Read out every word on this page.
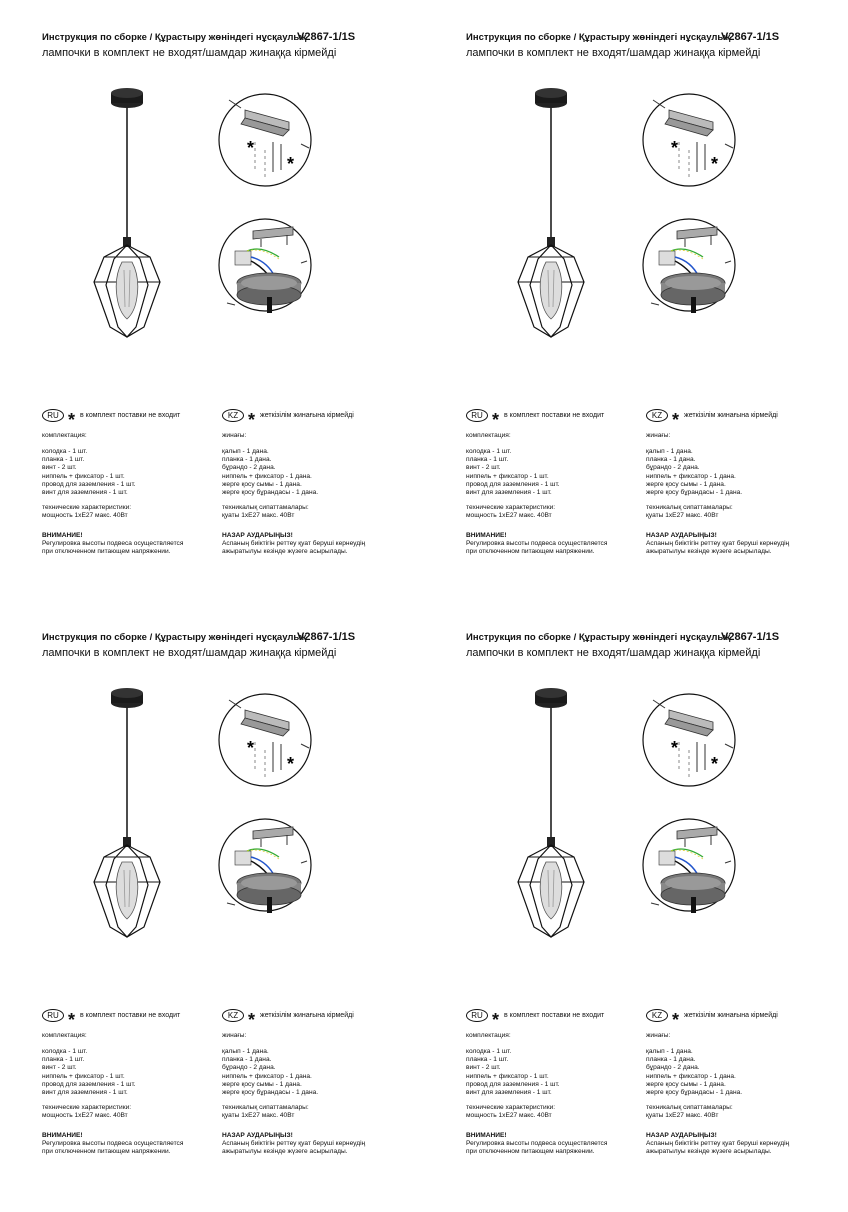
Инструкция по сборке / Құрастыру жөніндегі нұсқаулық
V2867-1/1S
лампочки в комплект не входят/шамдар жинаққа кірмейді
*
*
RU * в комплект поставки не входит
комплектация:
колодка - 1 шт.
планка - 1 шт.
винт - 2 шт.
ниппель + фиксатор - 1 шт.
провод для заземления - 1 шт.
винт для заземления - 1 шт.
технические характеристики:
мощность 1хЕ27 макс. 40Вт
ВНИМАНИЕ!
Регулировка высоты подвеса осуществляется
при отключенном питающем напряжении.
KZ * жеткізілім жинағына кірмейді
жинағы:
қалып - 1 дана.
планка - 1 дана.
бұрандо - 2 дана.
ниппель + фиксатор - 1 дана.
жерге қосу сымы - 1 дана.
жерге қосу бұрандасы - 1 дана.
техникалық сипаттамалары:
қуаты 1хЕ27 макс. 40Вт
НАЗАР АУДАРЫҢЫЗ!
Аспаның биіктігін реттеу қуат беруші кернеудің
ажыратылуы кезінде жүзеге асырылады.
Инструкция по сборке / Құрастыру жөніндегі нұсқаулық
V2867-1/1S
лампочки в комплект не входят/шамдар жинаққа кірмейді
*
*
RU * в комплект поставки не входит
комплектация:
колодка - 1 шт.
планка - 1 шт.
винт - 2 шт.
ниппель + фиксатор - 1 шт.
провод для заземления - 1 шт.
винт для заземления - 1 шт.
технические характеристики:
мощность 1хЕ27 макс. 40Вт
ВНИМАНИЕ!
Регулировка высоты подвеса осуществляется
при отключенном питающем напряжении.
KZ * жеткізілім жинағына кірмейді
жинағы:
қалып - 1 дана.
планка - 1 дана.
бұрандо - 2 дана.
ниппель + фиксатор - 1 дана.
жерге қосу сымы - 1 дана.
жерге қосу бұрандасы - 1 дана.
техникалық сипаттамалары:
қуаты 1хЕ27 макс. 40Вт
НАЗАР АУДАРЫҢЫЗ!
Аспаның биіктігін реттеу қуат беруші кернеудің
ажыратылуы кезінде жүзеге асырылады.
Инструкция по сборке / Құрастыру жөніндегі нұсқаулық
V2867-1/1S
лампочки в комплект не входят/шамдар жинаққа кірмейді
*
*
RU * в комплект поставки не входит
комплектация:
колодка - 1 шт.
планка - 1 шт.
винт - 2 шт.
ниппель + фиксатор - 1 шт.
провод для заземления - 1 шт.
винт для заземления - 1 шт.
технические характеристики:
мощность 1хЕ27 макс. 40Вт
ВНИМАНИЕ!
Регулировка высоты подвеса осуществляется
при отключенном питающем напряжении.
KZ * жеткізілім жинағына кірмейді
жинағы:
қалып - 1 дана.
планка - 1 дана.
бұрандо - 2 дана.
ниппель + фиксатор - 1 дана.
жерге қосу сымы - 1 дана.
жерге қосу бұрандасы - 1 дана.
техникалық сипаттамалары:
қуаты 1хЕ27 макс. 40Вт
НАЗАР АУДАРЫҢЫЗ!
Аспаның биіктігін реттеу қуат беруші кернеудің
ажыратылуы кезінде жүзеге асырылады.
Инструкция по сборке / Құрастыру жөніндегі нұсқаулық
V2867-1/1S
лампочки в комплект не входят/шамдар жинаққа кірмейді
*
*
RU * в комплект поставки не входит
комплектация:
колодка - 1 шт.
планка - 1 шт.
винт - 2 шт.
ниппель + фиксатор - 1 шт.
провод для заземления - 1 шт.
винт для заземления - 1 шт.
технические характеристики:
мощность 1хЕ27 макс. 40Вт
ВНИМАНИЕ!
Регулировка высоты подвеса осуществляется
при отключенном питающем напряжении.
KZ * жеткізілім жинағына кірмейді
жинағы:
қалып - 1 дана.
планка - 1 дана.
бұрандо - 2 дана.
ниппель + фиксатор - 1 дана.
жерге қосу сымы - 1 дана.
жерге қосу бұрандасы - 1 дана.
техникалық сипаттамалары:
қуаты 1хЕ27 макс. 40Вт
НАЗАР АУДАРЫҢЫЗ!
Аспаның биіктігін реттеу қуат беруші кернеудің
ажыратылуы кезінде жүзеге асырылады.
